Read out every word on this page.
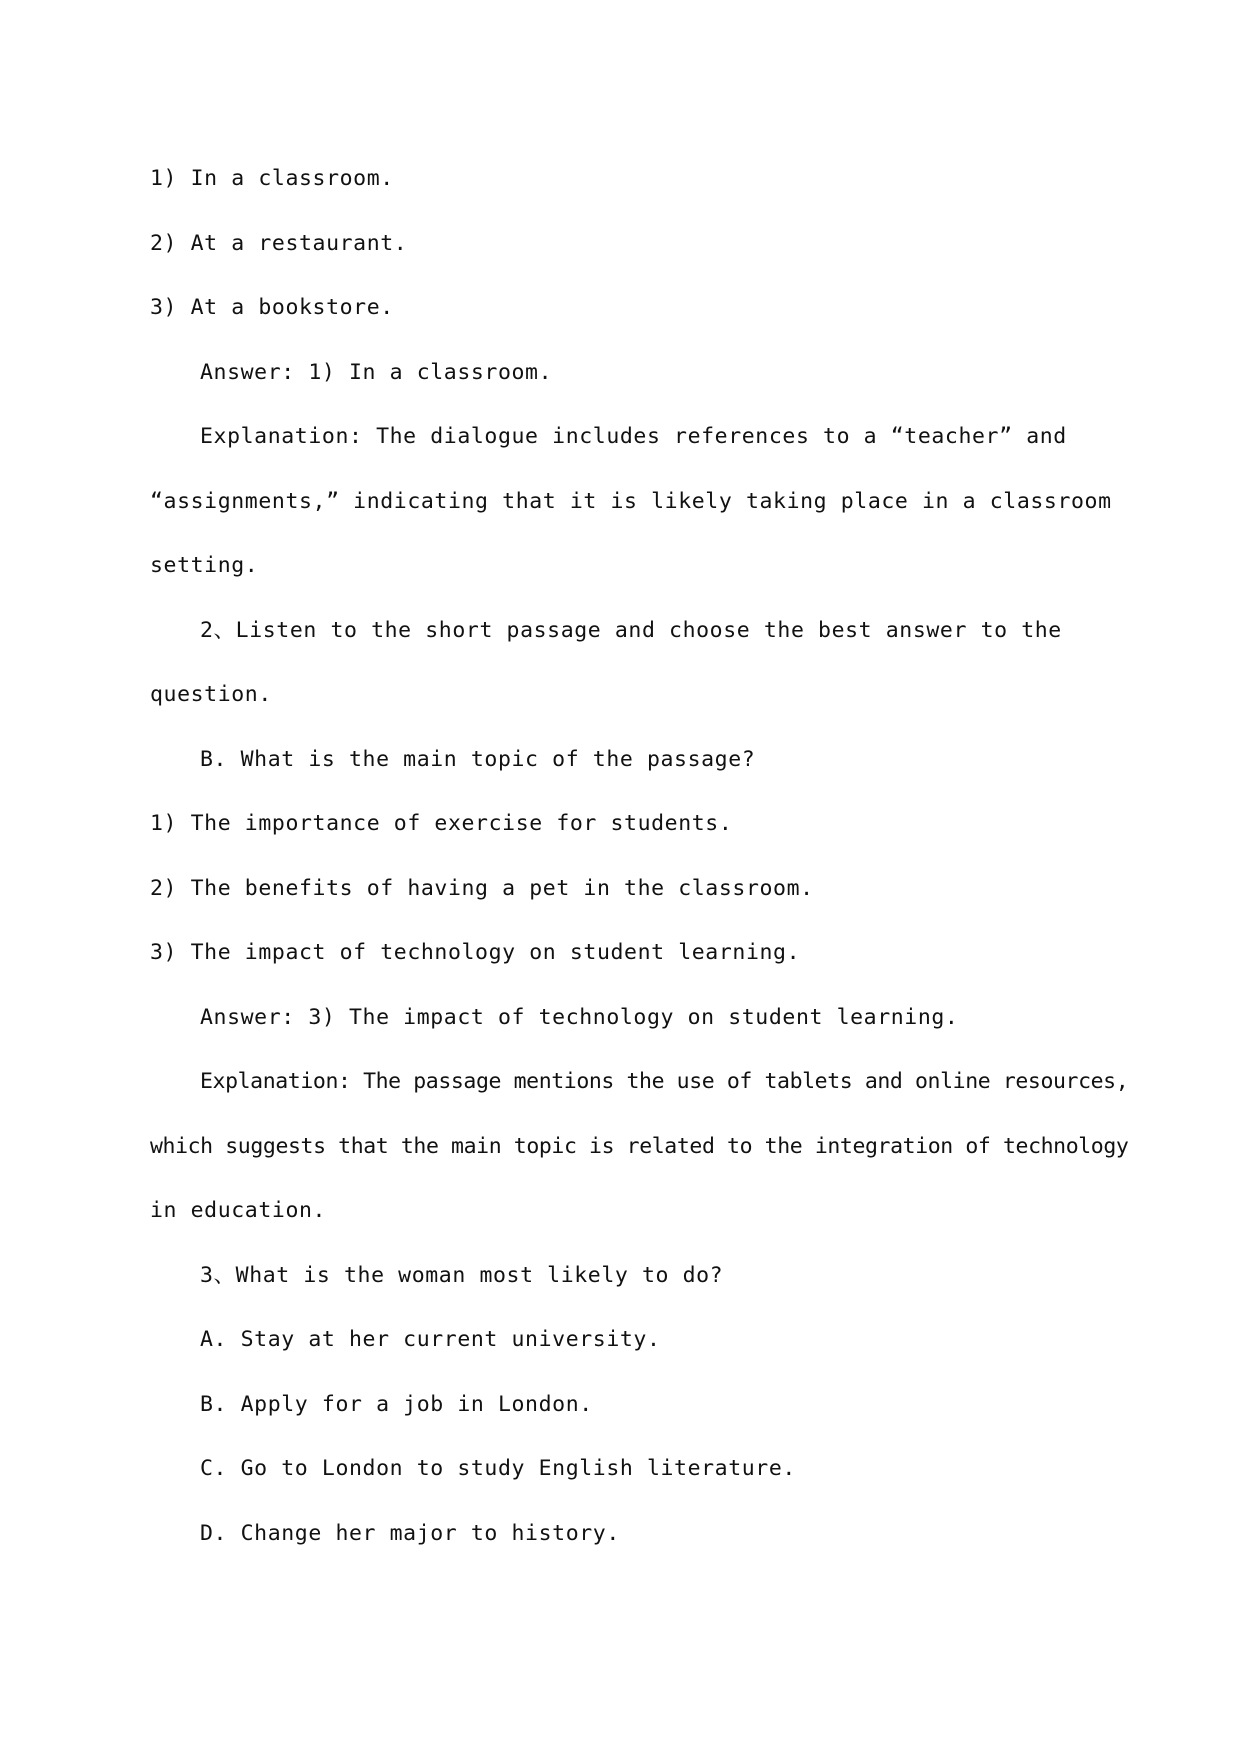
1) In a classroom.
2) At a restaurant.
3) At a bookstore.
Answer: 1) In a classroom.
Explanation: The dialogue includes references to a “teacher” and
“assignments,” indicating that it is likely taking place in a classroom
setting.
2、Listen to the short passage and choose the best answer to the
question.
B. What is the main topic of the passage?
1) The importance of exercise for students.
2) The benefits of having a pet in the classroom.
3) The impact of technology on student learning.
Answer: 3) The impact of technology on student learning.
Explanation: The passage mentions the use of tablets and online resources,
which suggests that the main topic is related to the integration of technology
in education.
3、What is the woman most likely to do?
A. Stay at her current university.
B. Apply for a job in London.
C. Go to London to study English literature.
D. Change her major to history.
